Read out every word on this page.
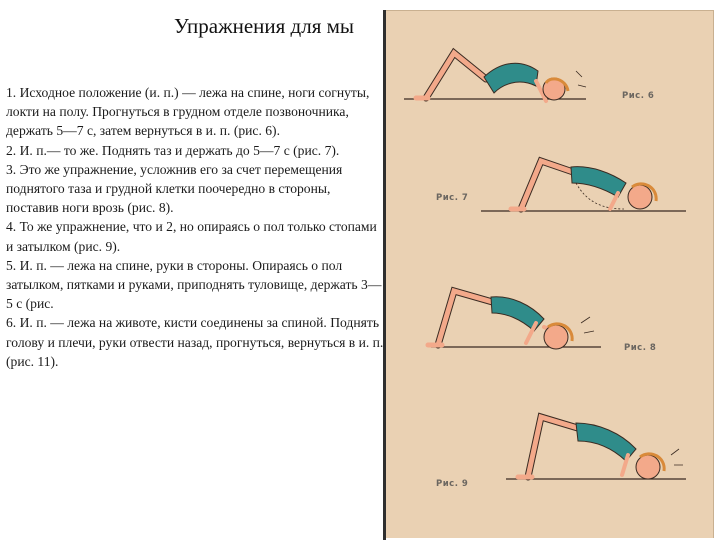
Упражнения для мы

1. Исходное положение (и. п.) — лежа на спине, ноги согнуты, локти на полу. Прогнуться в грудном отделе позвоночника, держать 5—7 с, затем вернуться в и. п. (рис. 6).

2. И. п.— то же. Поднять таз и держать до 5—7 с (рис. 7).

3. Это же упражнение, усложнив его за счет перемещения поднятого таза и грудной клетки поочередно в стороны, поставив ноги врозь (рис. 8).

4. То же упражнение, что и 2, но опираясь о пол только стопами и затылком (рис. 9).

5. И. п. — лежа на спине, руки в стороны. Опираясь о пол затылком, пятками и руками, приподнять туловище, держать 3—5 с (рис.

6. И. п. — лежа на животе, кисти соединены за спиной. Поднять голову и плечи, руки отвести назад, прогнуться, вернуться в и. п. (рис. 11).

Рис. 6
Рис. 7
Рис. 8
Рис. 9
